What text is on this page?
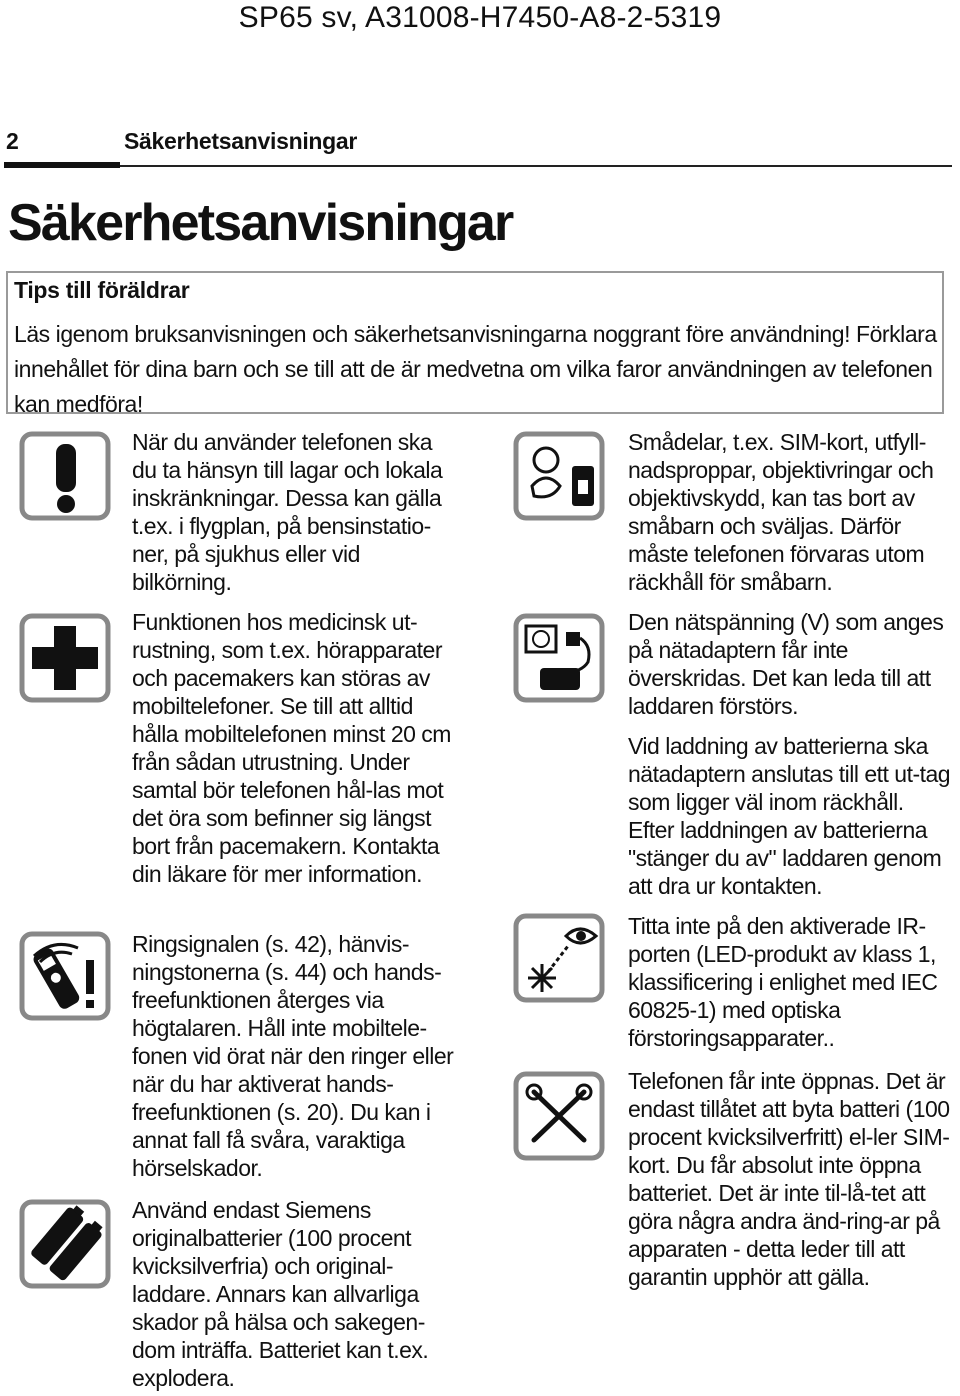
SP65 sv, A31008-H7450-A8-2-5319
2	Säkerhetsanvisningar
Säkerhetsanvisningar
Tips till föräldrar
Läs igenom bruksanvisningen och säkerhetsanvisningarna noggrant före användning! Förklara innehållet för dina barn och se till att de är medvetna om vilka faror användningen av telefonen kan medföra!
När du använder telefonen ska du ta hänsyn till lagar och lokala inskränkningar. Dessa kan gälla t.ex. i flygplan, på bensinstatio-ner, på sjukhus eller vid bilkörning.
Funktionen hos medicinsk ut-rustning, som t.ex. hörapparater och pacemakers kan störas av mobiltelefoner. Se till att alltid hålla mobiltelefonen minst 20 cm från sådan utrustning. Under samtal bör telefonen hål-las mot det öra som befinner sig längst bort från pacemakern. Kontakta din läkare för mer information.
Ringsignalen (s. 42), hänvis-ningstonerna (s. 44) och hands-freefunktionen återges via högtalaren. Håll inte mobiltele-fonen vid örat när den ringer eller när du har aktiverat hands-freefunktionen (s. 20). Du kan i annat fall få svåra, varaktiga hörselskador.
Använd endast Siemens originalbatterier (100 procent kvicksilverfria) och original-laddare. Annars kan allvarliga skador på hälsa och sakegen-dom inträffa. Batteriet kan t.ex. explodera.
Smådelar, t.ex. SIM-kort, utfyll-nadsproppar, objektivringar och objektivskydd, kan tas bort av småbarn och sväljas. Därför måste telefonen förvaras utom räckhåll för småbarn.
Den nätspänning (V) som anges på nätadaptern får inte överskridas. Det kan leda till att laddaren förstörs.
Vid laddning av batterierna ska nätadaptern anslutas till ett ut-tag som ligger väl inom räckhåll. Efter laddningen av batterierna "stänger du av" laddaren genom att dra ur kontakten.
Titta inte på den aktiverade IR-porten (LED-produkt av klass 1, klassificering i enlighet med IEC 60825-1) med optiska förstoringsapparater..
Telefonen får inte öppnas. Det är endast tillåtet att byta batteri (100 procent kvicksilverfritt) el-ler SIM-kort. Du får absolut inte öppna batteriet. Det är inte til-lå-tet att göra några andra änd-ring-ar på apparaten - detta leder till att garantin upphör att gälla.
